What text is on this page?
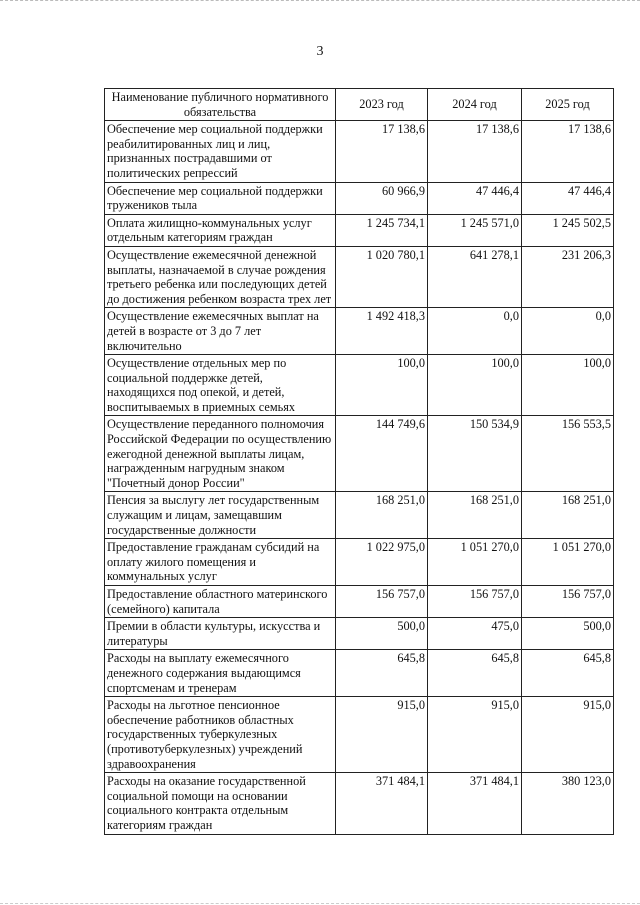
3
Наименование публичного нормативного обязательства	2023 год	2024 год	2025 год
Обеспечение мер социальной поддержки реабилитированных лиц и лиц, признанных пострадавшими от политических репрессий	17 138,6	17 138,6	17 138,6
Обеспечение мер социальной поддержки тружеников тыла	60 966,9	47 446,4	47 446,4
Оплата жилищно-коммунальных услуг отдельным категориям граждан	1 245 734,1	1 245 571,0	1 245 502,5
Осуществление ежемесячной денежной выплаты, назначаемой в случае рождения третьего ребенка или последующих детей до достижения ребенком возраста трех лет	1 020 780,1	641 278,1	231 206,3
Осуществление ежемесячных выплат на детей в возрасте от 3 до 7 лет включительно	1 492 418,3	0,0	0,0
Осуществление отдельных мер по социальной поддержке детей, находящихся под опекой, и детей, воспитываемых в приемных семьях	100,0	100,0	100,0
Осуществление переданного полномочия Российской Федерации по осуществлению ежегодной денежной выплаты лицам, награжденным нагрудным знаком "Почетный донор России"	144 749,6	150 534,9	156 553,5
Пенсия за выслугу лет государственным служащим и лицам, замещавшим государственные должности	168 251,0	168 251,0	168 251,0
Предоставление гражданам субсидий на оплату жилого помещения и коммунальных услуг	1 022 975,0	1 051 270,0	1 051 270,0
Предоставление областного материнского (семейного) капитала	156 757,0	156 757,0	156 757,0
Премии в области культуры, искусства и литературы	500,0	475,0	500,0
Расходы на выплату ежемесячного денежного содержания выдающимся спортсменам и тренерам	645,8	645,8	645,8
Расходы на льготное пенсионное обеспечение работников областных государственных туберкулезных (противотуберкулезных) учреждений здравоохранения	915,0	915,0	915,0
Расходы на оказание государственной социальной помощи на основании социального контракта отдельным категориям граждан	371 484,1	371 484,1	380 123,0
